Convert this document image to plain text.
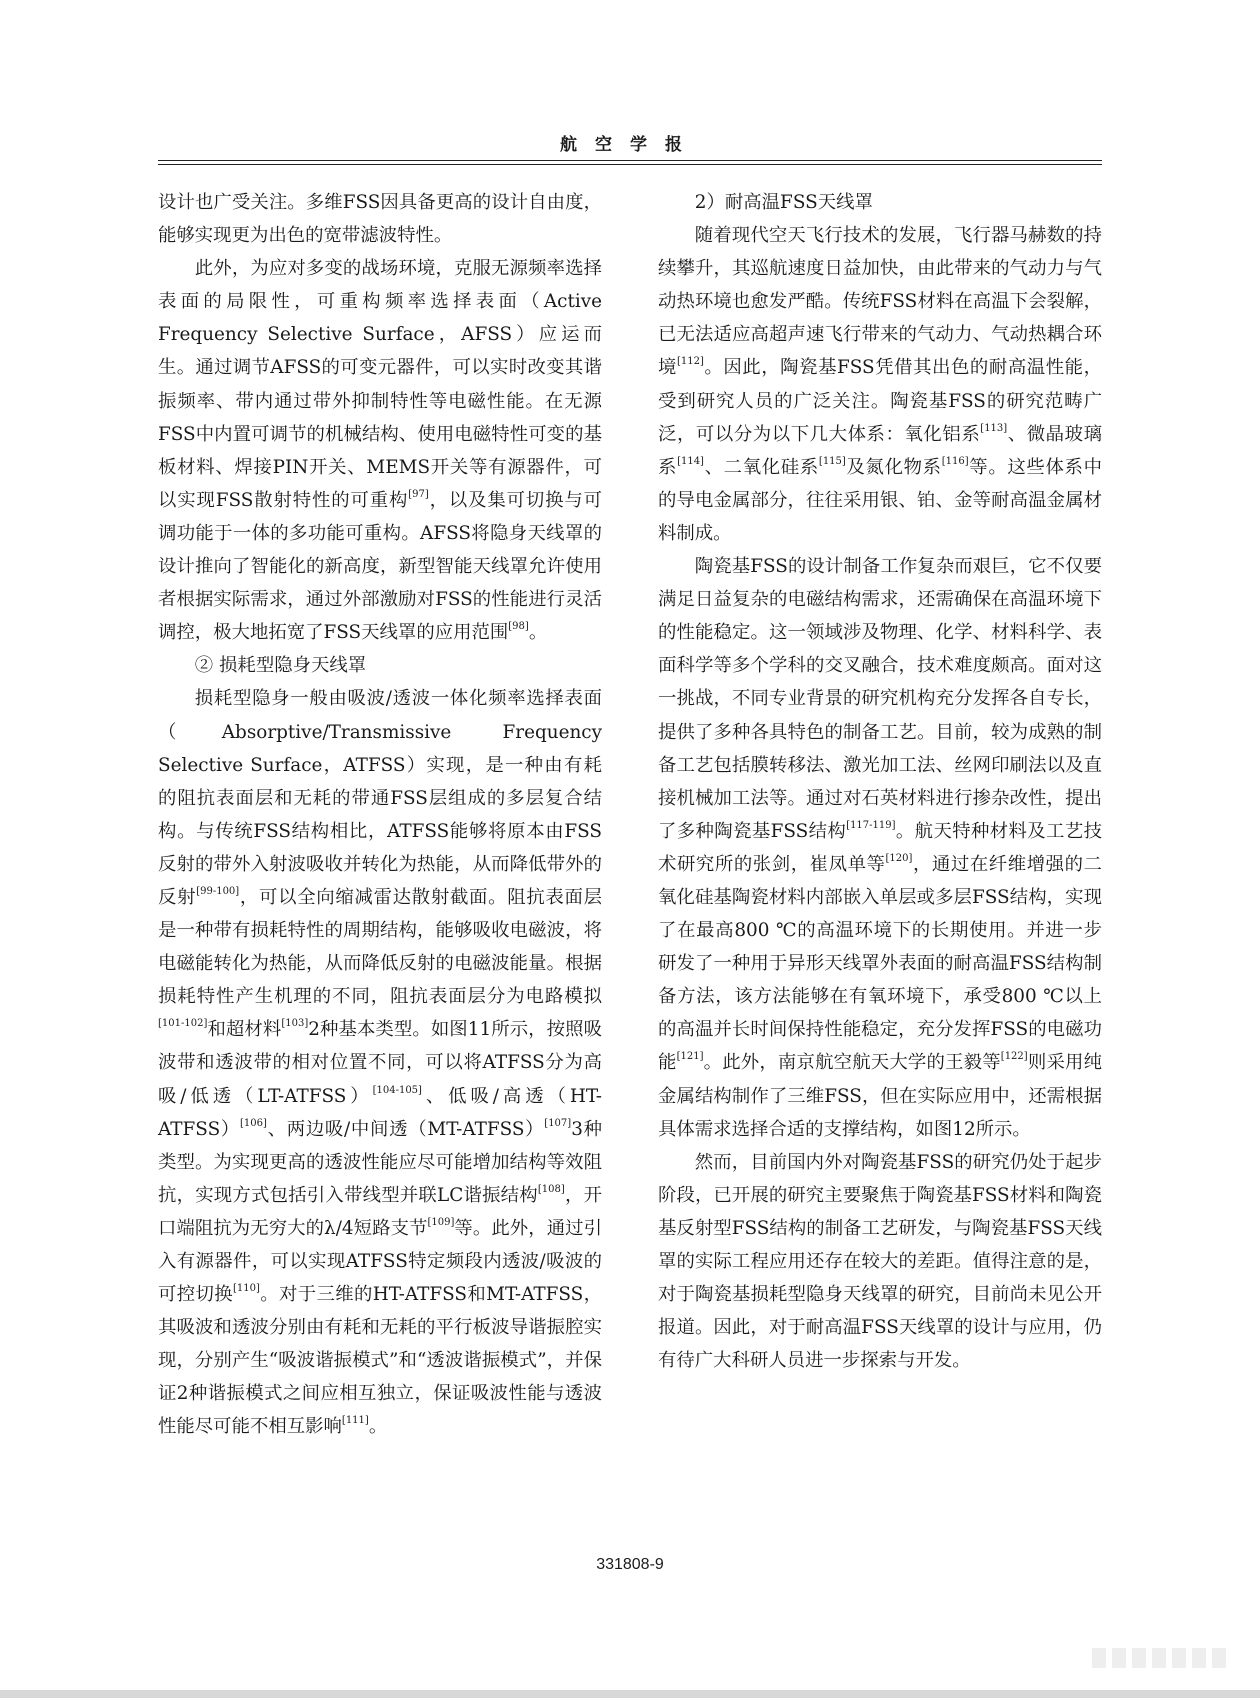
航空学报

设计也广受关注。多维FSS因具备更高的设计自由度，能够实现更为出色的宽带滤波特性。

此外，为应对多变的战场环境，克服无源频率选择表面的局限性，可重构频率选择表面（Active Frequency Selective Surface，AFSS）应运而生。通过调节AFSS的可变元器件，可以实时改变其谐振频率、带内通过带外抑制特性等电磁性能。在无源FSS中内置可调节的机械结构、使用电磁特性可变的基板材料、焊接PIN开关、MEMS开关等有源器件，可以实现FSS散射特性的可重构[97]，以及集可切换与可调功能于一体的多功能可重构。AFSS将隐身天线罩的设计推向了智能化的新高度，新型智能天线罩允许使用者根据实际需求，通过外部激励对FSS的性能进行灵活调控，极大地拓宽了FSS天线罩的应用范围[98]。

② 损耗型隐身天线罩

损耗型隐身一般由吸波/透波一体化频率选择表面（Absorptive/Transmissive Frequency Selective Surface，ATFSS）实现，是一种由有耗的阻抗表面层和无耗的带通FSS层组成的多层复合结构。与传统FSS结构相比，ATFSS能够将原本由FSS反射的带外入射波吸收并转化为热能，从而降低带外的反射[99-100]，可以全向缩减雷达散射截面。阻抗表面层是一种带有损耗特性的周期结构，能够吸收电磁波，将电磁能转化为热能，从而降低反射的电磁波能量。根据损耗特性产生机理的不同，阻抗表面层分为电路模拟[101-102]和超材料[103]2种基本类型。如图11所示，按照吸波带和透波带的相对位置不同，可以将ATFSS分为高吸/低透（LT-ATFSS）[104-105]、低吸/高透（HT-ATFSS）[106]、两边吸/中间透（MT-ATFSS）[107]3种类型。为实现更高的透波性能应尽可能增加结构等效阻抗，实现方式包括引入带线型并联LC谐振结构[108]，开口端阻抗为无穷大的λ/4短路支节[109]等。此外，通过引入有源器件，可以实现ATFSS特定频段内透波/吸波的可控切换[110]。对于三维的HT-ATFSS和MT-ATFSS，其吸波和透波分别由有耗和无耗的平行板波导谐振腔实现，分别产生“吸波谐振模式”和“透波谐振模式”，并保证2种谐振模式之间应相互独立，保证吸波性能与透波性能尽可能不相互影响[111]。

2）耐高温FSS天线罩

随着现代空天飞行技术的发展，飞行器马赫数的持续攀升，其巡航速度日益加快，由此带来的气动力与气动热环境也愈发严酷。传统FSS材料在高温下会裂解，已无法适应高超声速飞行带来的气动力、气动热耦合环境[112]。因此，陶瓷基FSS凭借其出色的耐高温性能，受到研究人员的广泛关注。陶瓷基FSS的研究范畴广泛，可以分为以下几大体系：氧化铝系[113]、微晶玻璃系[114]、二氧化硅系[115]及氮化物系[116]等。这些体系中的导电金属部分，往往采用银、铂、金等耐高温金属材料制成。

陶瓷基FSS的设计制备工作复杂而艰巨，它不仅要满足日益复杂的电磁结构需求，还需确保在高温环境下的性能稳定。这一领域涉及物理、化学、材料科学、表面科学等多个学科的交叉融合，技术难度颇高。面对这一挑战，不同专业背景的研究机构充分发挥各自专长，提供了多种各具特色的制备工艺。目前，较为成熟的制备工艺包括膜转移法、激光加工法、丝网印刷法以及直接机械加工法等。通过对石英材料进行掺杂改性，提出了多种陶瓷基FSS结构[117-119]。航天特种材料及工艺技术研究所的张剑，崔凤单等[120]，通过在纤维增强的二氧化硅基陶瓷材料内部嵌入单层或多层FSS结构，实现了在最高800 ℃的高温环境下的长期使用。并进一步研发了一种用于异形天线罩外表面的耐高温FSS结构制备方法，该方法能够在有氧环境下，承受800 ℃以上的高温并长时间保持性能稳定，充分发挥FSS的电磁功能[121]。此外，南京航空航天大学的王毅等[122]则采用纯金属结构制作了三维FSS，但在实际应用中，还需根据具体需求选择合适的支撑结构，如图12所示。

然而，目前国内外对陶瓷基FSS的研究仍处于起步阶段，已开展的研究主要聚焦于陶瓷基FSS材料和陶瓷基反射型FSS结构的制备工艺研发，与陶瓷基FSS天线罩的实际工程应用还存在较大的差距。值得注意的是，对于陶瓷基损耗型隐身天线罩的研究，目前尚未见公开报道。因此，对于耐高温FSS天线罩的设计与应用，仍有待广大科研人员进一步探索与开发。

331808-9
